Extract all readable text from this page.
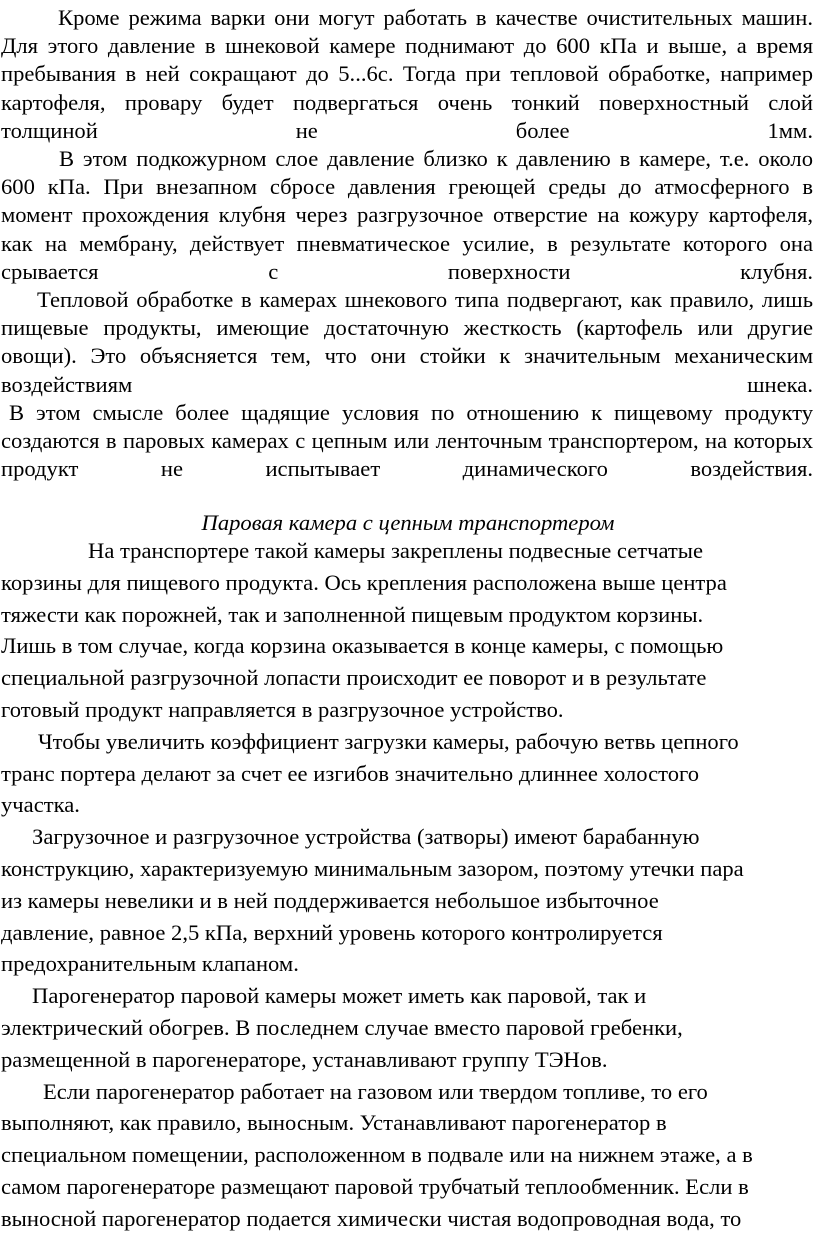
Кроме режима варки они могут работать в качестве очистительных машин. Для этого давление в шнековой камере поднимают до 600 кПа и выше, а время пребывания в ней сокращают до 5...6с. Тогда при тепловой обработке, например картофеля, провару будет подвергаться очень тонкий поверхностный слой толщиной не более 1мм.

В этом подкожурном слое давление близко к давлению в камере, т.е. около 600 кПа. При внезапном сбросе давления греющей среды до атмосферного в момент прохождения клубня через разгрузочное отверстие на кожуру картофеля, как на мембрану, действует пневматическое усилие, в результате которого она срывается с поверхности клубня.

Тепловой обработке в камерах шнекового типа подвергают, как правило, лишь пищевые продукты, имеющие достаточную жесткость (картофель или другие овощи). Это объясняется тем, что они стойки к значительным механическим воздействиям шнека.

В этом смысле более щадящие условия по отношению к пищевому продукту создаются в паровых камерах с цепным или ленточным транспортером, на которых продукт не испытывает динамического воздействия.

Паровая камера с цепным транспортером

На транспортере такой камеры закреплены подвесные сетчатые
корзины для пищевого продукта. Ось крепления расположена выше центра
тяжести как порожней, так и заполненной пищевым продуктом корзины.
Лишь в том случае, когда корзина оказывается в конце камеры, с помощью
специальной разгрузочной лопасти происходит ее поворот и в результате
готовый продукт направляется в разгрузочное устройство.

Чтобы увеличить коэффициент загрузки камеры, рабочую ветвь цепного
транс портера делают за счет ее изгибов значительно длиннее холостого
участка.

Загрузочное и разгрузочное устройства (затворы) имеют барабанную
конструкцию, характеризуемую минимальным зазором, поэтому утечки пара
из камеры невелики и в ней поддерживается небольшое избыточное
давление, равное 2,5 кПа, верхний уровень которого контролируется
предохранительным клапаном.

Парогенератор паровой камеры может иметь как паровой, так и
электрический обогрев. В последнем случае вместо паровой гребенки,
размещенной в парогенераторе, устанавливают группу ТЭНов.

Если парогенератор работает на газовом или твердом топливе, то его
выполняют, как правило, выносным. Устанавливают парогенератор в
специальном помещении, расположенном в подвале или на нижнем этаже, а в
самом парогенераторе размещают паровой трубчатый теплообменник. Если в
выносной парогенератор подается химически чистая водопроводная вода, то
